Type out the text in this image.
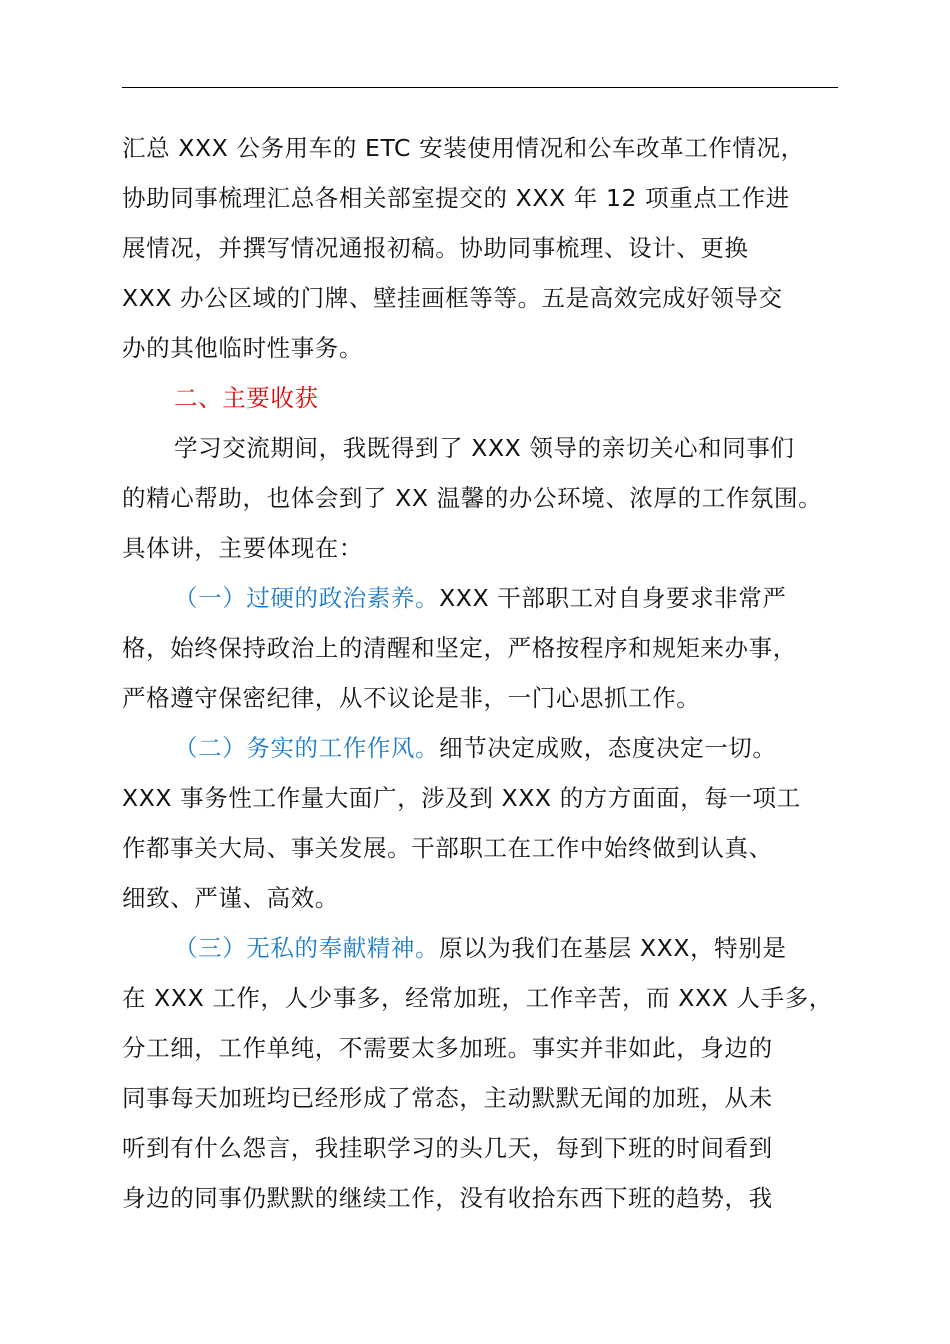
汇总 XXX 公务用车的 ETC 安装使用情况和公车改革工作情况，
协助同事梳理汇总各相关部室提交的 XXX 年 12 项重点工作进
展情况，并撰写情况通报初稿。协助同事梳理、设计、更换
XXX 办公区域的门牌、壁挂画框等等。五是高效完成好领导交
办的其他临时性事务。
二、主要收获
学习交流期间，我既得到了 XXX 领导的亲切关心和同事们
的精心帮助，也体会到了 XX 温馨的办公环境、浓厚的工作氛围。
具体讲，主要体现在：
（一）过硬的政治素养。XXX 干部职工对自身要求非常严
格，始终保持政治上的清醒和坚定，严格按程序和规矩来办事，
严格遵守保密纪律，从不议论是非，一门心思抓工作。
（二）务实的工作作风。细节决定成败，态度决定一切。
XXX 事务性工作量大面广，涉及到 XXX 的方方面面，每一项工
作都事关大局、事关发展。干部职工在工作中始终做到认真、
细致、严谨、高效。
（三）无私的奉献精神。原以为我们在基层 XXX，特别是
在 XXX 工作，人少事多，经常加班，工作辛苦，而 XXX 人手多，
分工细，工作单纯，不需要太多加班。事实并非如此，身边的
同事每天加班均已经形成了常态，主动默默无闻的加班，从未
听到有什么怨言，我挂职学习的头几天，每到下班的时间看到
身边的同事仍默默的继续工作，没有收拾东西下班的趋势，我
